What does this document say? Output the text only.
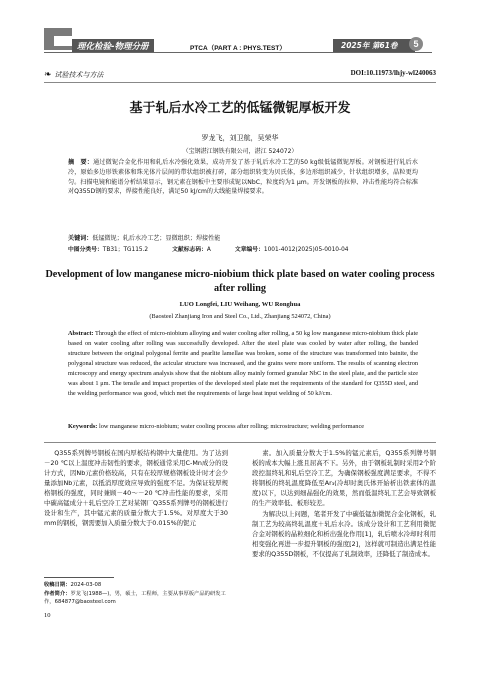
理化检验-物理分册	PTCA（PART A : PHYS.TEST）	2025年 第61卷	5
❧ 试验技术与方法	DOI:10.11973/lhjy-wl240063
基于轧后水冷工艺的低锰微铌厚板开发
罗龙飞，刘卫航，吴荣华
（宝钢湛江钢铁有限公司，湛江 524072）
摘　要：通过微铌合金化作用和轧后水冷强化效果，成功开发了基于轧后水冷工艺的50 kg级低锰微铌厚板。对钢板进行轧后水冷，原始多边形铁素体和珠光体片层间的带状组织被打碎，部分组织转变为贝氏体，多边形组织减少，针状组织增多，晶粒更均匀。扫描电镜和能谱分析结果显示，钢元素在钢板中主要形成铌以NbC，粒度约为1 μm。开发钢板的拉伸、冲击性能均符合标准对Q355D钢的要求，焊接性能良好，满足50 kJ/cm的大线能量焊接要求。
关键词：低锰微铌；轧后水冷工艺；显微组织；焊接性能
中图分类号：TB31；TG115.2	文献标志码：A	文章编号：1001-4012(2025)05-0010-04
Development of low manganese micro-niobium thick plate based on water cooling process after rolling
LUO Longfei, LIU Weihang, WU Ronghua
(Baosteel Zhanjiang Iron and Steel Co., Ltd., Zhanjiang 524072, China)
Abstract: Through the effect of micro-niobium alloying and water cooling after rolling, a 50 kg low manganese micro-niobium thick plate based on water cooling after rolling was successfully developed. After the steel plate was cooled by water after rolling, the banded structure between the original polygonal ferrite and pearlite lamellae was broken, some of the structure was transformed into bainite, the polygonal structure was reduced, the acicular structure was increased, and the grains were more uniform. The results of scanning electron microscopy and energy spectrum analysis show that the niobium alloy mainly formed granular NbC in the steel plate, and the particle size was about 1 μm. The tensile and impact properties of the developed steel plate met the requirements of the standard for Q355D steel, and the welding performance was good, which met the requirements of large heat input welding of 50 kJ/cm.
Keywords: low manganese micro-niobium; water cooling process after rolling; microstructure; welding performance

Q355系列牌号钢板在国内厚板结构钢中大量使用。为了达到－20 ℃以上温度冲击韧性的要求，钢板通常采用C-Mn成分的设计方式，因Nb元素价格较高，只有在较厚规格钢板设计时才会少量添加Nb元素，以抵消厚度效应导致的强度不足。为保证较厚规格钢板的强度，同时兼顾－40～－20 ℃冲击性能的要求，采用中碳高锰成分＋轧后空冷工艺对某钢厂Q355系列牌号的钢板进行设计和生产，其中锰元素的质量分数大于1.5%。对厚度大于30 mm的钢板，钢需要加入质量分数大于0.015%的铌元

素。加入质量分数大于1.5%的锰元素后，Q355系列牌号钢板的成本大幅上涨且屈高不下。另外，由于钢板轧制时采用2个阶段控温终轧和轧后空冷工艺，为确保钢板强度满足要求，不得不将钢板的终轧温度降低至Ar₃(冷却时奥氏体开始析出铁素体的温度)以下，以达到细晶强化的效果，然而低温终轧工艺会导致钢板的生产效率低、板形较差。

为解决以上问题，笔者开发了中碳低锰加微铌合金化钢板，轧制工艺为较高终轧温度＋轧后水冷。该成分设计和工艺利用微铌合金对钢板的晶粒细化和析出强化作用[1]，轧后喷水冷却时利用相变强化再进一步提升钢板的强度[2]，这样就可制造出满足性能要求的Q355D钢板，不仅提高了轧制效率，还降低了制造成本。

收稿日期：2024-03-08
作者简介：罗龙飞(1988—)，男，硕士，工程师，主要从事厚板产品的研发工作，684877@baosteel.com
10
